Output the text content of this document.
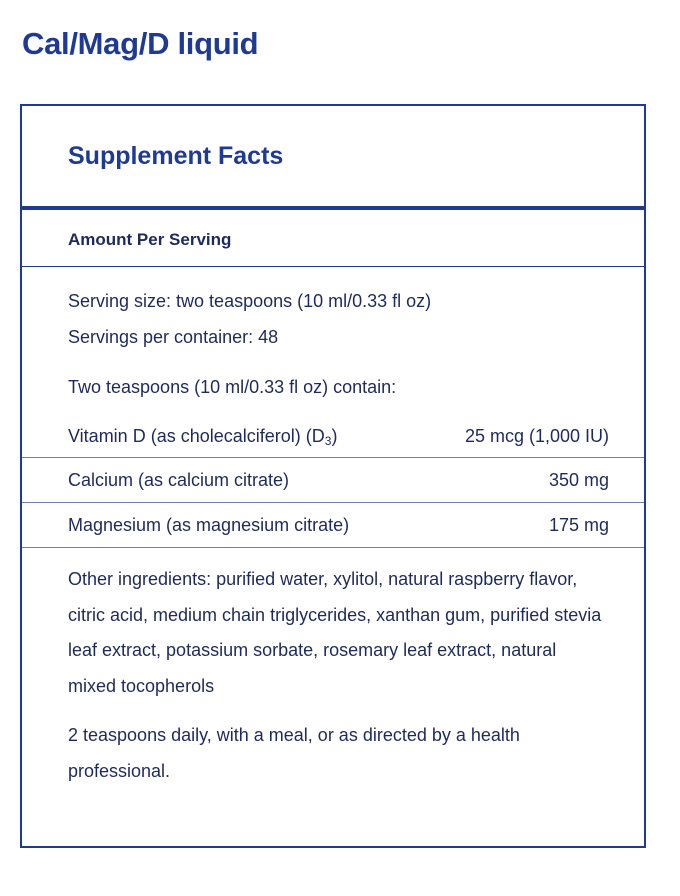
Cal/Mag/D liquid
Supplement Facts
Amount Per Serving
Serving size: two teaspoons (10 ml/0.33 fl oz)
Servings per container: 48
Two teaspoons (10 ml/0.33 fl oz) contain:
Vitamin D (as cholecalciferol) $(D_3)$	25 mcg (1,000 IU)
Calcium (as calcium citrate)	350 mg
Magnesium (as magnesium citrate)	175 mg

Other ingredients: purified water, xylitol, natural raspberry flavor, citric acid, medium chain triglycerides, xanthan gum, purified stevia leaf extract, potassium sorbate, rosemary leaf extract, natural mixed tocopherols

2 teaspoons daily, with a meal, or as directed by a health professional.
